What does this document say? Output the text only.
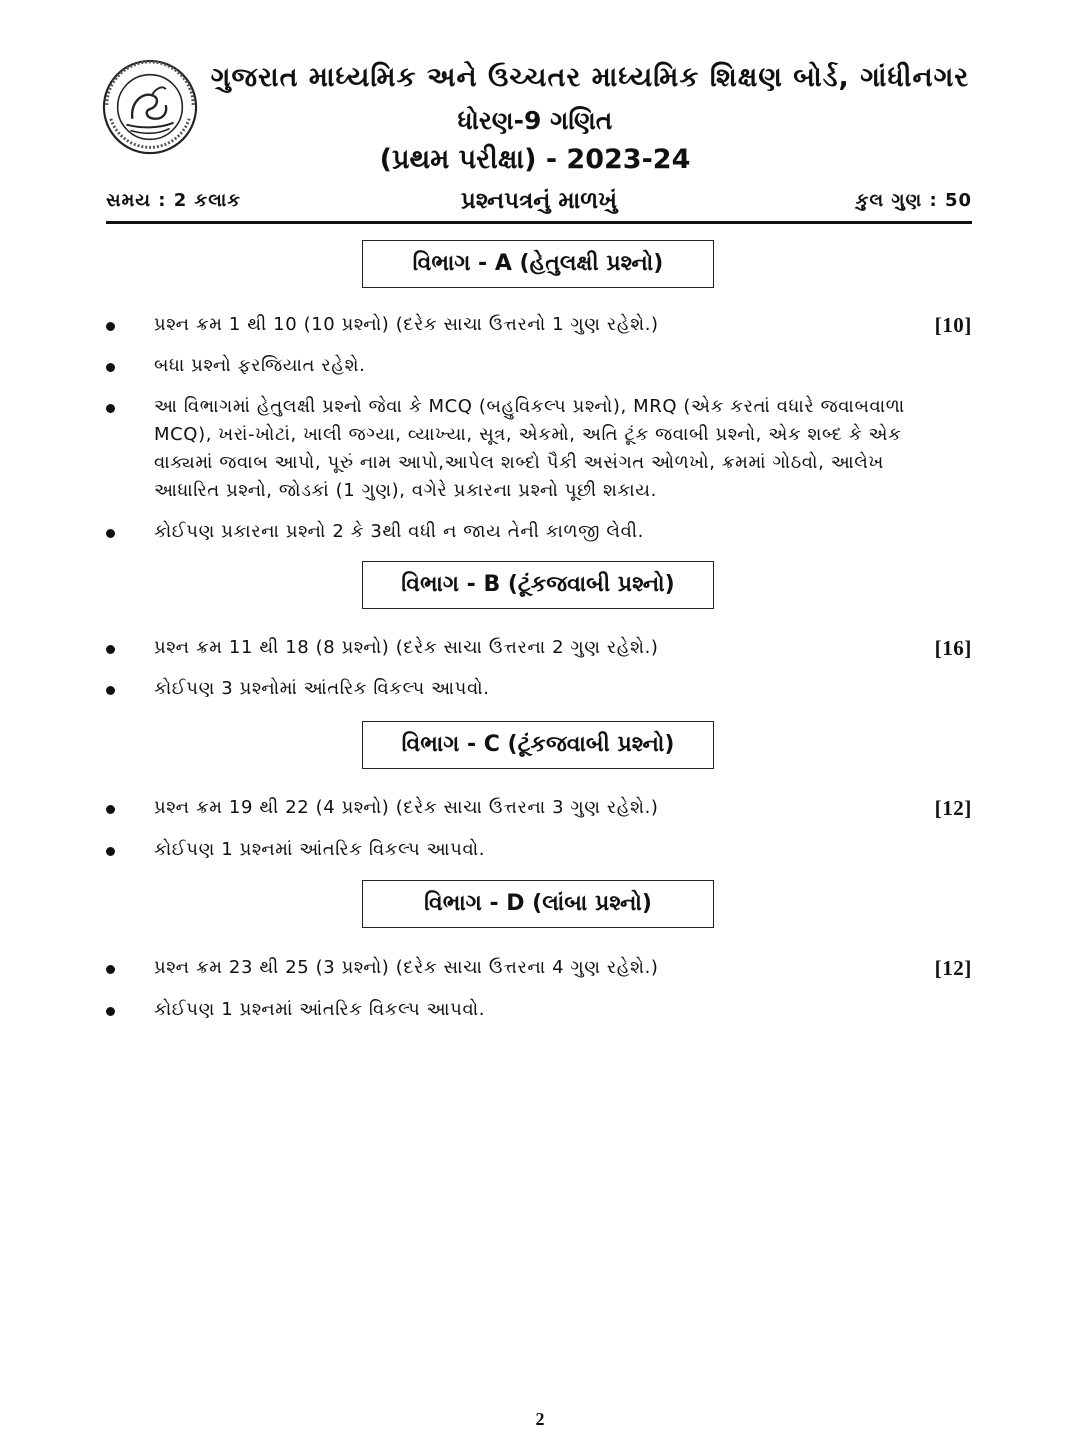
ગુજરાત માધ્યમિક અને ઉચ્ચતર માધ્યમિક શિક્ષણ બોર્ડ, ગાંધીનગર
ધોરણ-9 ગણિત
(પ્રથમ પરીક્ષા) - 2023-24
સમય : 2 કલાક	પ્રશ્નપત્રનું માળખું	કુલ ગુણ : 50
વિભાગ - A (હેતુલક્ષી પ્રશ્નો)
પ્રશ્ન ક્રમ 1 થી 10 (10 પ્રશ્નો) (દરેક સાચા ઉત્તરનો 1 ગુણ રહેશે.)	[10]
બધા પ્રશ્નો ફરજિયાત રહેશે.
આ વિભાગમાં હેતુલક્ષી પ્રશ્નો જેવા કે MCQ (બહુવિકલ્પ પ્રશ્નો), MRQ (એક કરતાં વધારે જવાબવાળા MCQ), ખરાં-ખોટાં, ખાલી જગ્યા, વ્યાખ્યા, સૂત્ર, એકમો, અતિ ટૂંક જવાબી પ્રશ્નો, એક શબ્દ કે એક વાક્યમાં જવાબ આપો, પૂરું નામ આપો,આપેલ શબ્દો પૈકી અસંગત ઓળખો, ક્રમમાં ગોઠવો, આલેખ આધારિત પ્રશ્નો, જોડકાં (1 ગુણ), વગેરે પ્રકારના પ્રશ્નો પૂછી શકાય.
કોઈપણ પ્રકારના પ્રશ્નો 2 કે 3થી વધી ન જાય તેની કાળજી લેવી.
વિભાગ - B (ટૂંકજવાબી પ્રશ્નો)
પ્રશ્ન ક્રમ 11 થી 18 (8 પ્રશ્નો) (દરેક સાચા ઉત્તરના 2 ગુણ રહેશે.)	[16]
કોઈપણ 3 પ્રશ્નોમાં આંતરિક વિકલ્પ આપવો.
વિભાગ - C (ટૂંકજવાબી પ્રશ્નો)
પ્રશ્ન ક્રમ 19 થી 22 (4 પ્રશ્નો) (દરેક સાચા ઉત્તરના 3 ગુણ રહેશે.)	[12]
કોઈપણ 1 પ્રશ્નમાં આંતરિક વિકલ્પ આપવો.
વિભાગ - D (લાંબા પ્રશ્નો)
પ્રશ્ન ક્રમ 23 થી 25 (3 પ્રશ્નો) (દરેક સાચા ઉત્તરના 4 ગુણ રહેશે.)	[12]
કોઈપણ 1 પ્રશ્નમાં આંતરિક વિકલ્પ આપવો.
2
